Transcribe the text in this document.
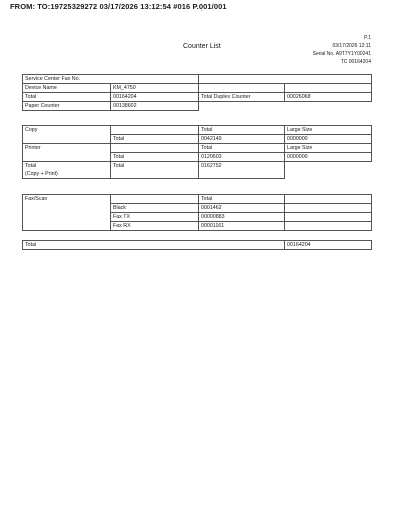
FROM: TO:19725329272 03/17/2026 13:12:54 #016 P.001/001
'
Counter List
P.1
03/17/2026 12:11
Serial No. A9T7Y1Y00241
TC 00164204
Service Center Fax No.			
Device Name	KM_4750		
Total	00164204	Total Duplex Counter	00026068
Paper Counter	00138602		
Copy		Total	Large Size
	Total	0042149	0000000
Printer		Total	Large Size
	Total	0120603	0000000

Total
(Copy + Print)	Total	0162752	
Fax/Scan		Total	
	Black	0001462	
	Fax TX	00000883	
	Fax RX	00001161	
Total	00164204
